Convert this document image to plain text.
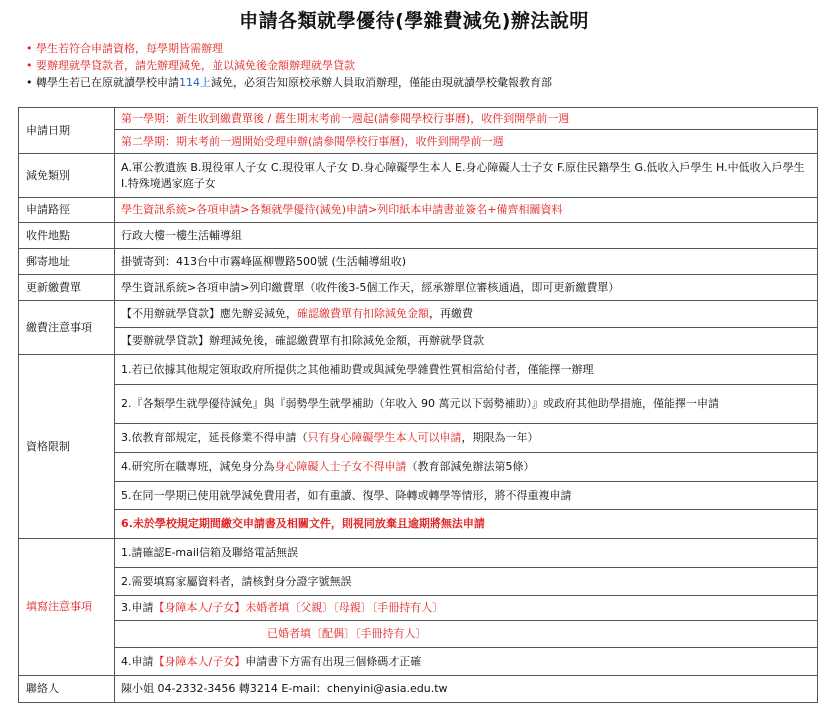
申請各類就學優待(學雜費減免)辦法說明
• 學生若符合申請資格，每學期皆需辦理
• 要辦理就學貸款者，請先辦理減免，並以減免後金額辦理就學貸款
• 轉學生若已在原就讀學校申請114上減免，必須告知原校承辦人員取消辦理，僅能由現就讀學校彙報教育部
申請日期	第一學期：新生收到繳費單後 / 舊生期末考前一週起(請參閱學校行事曆)，收件到開學前一週
	第二學期：期末考前一週開始受理申辦(請參閱學校行事曆)，收件到開學前一週
減免類別	A.軍公教遺族 B.現役軍人子女 C.現役軍人子女 D.身心障礙學生本人 E.身心障礙人士子女 F.原住民籍學生 G.低收入戶學生 H.中低收入戶學生 I.特殊境遇家庭子女
申請路徑	學生資訊系統>各項申請>各類就學優待(減免)申請>列印紙本申請書並簽名+備齊相關資料
收件地點	行政大樓一樓生活輔導組
郵寄地址	掛號寄到：413台中市霧峰區柳豐路500號 (生活輔導組收)
更新繳費單	學生資訊系統>各項申請>列印繳費單（收件後3-5個工作天，經承辦單位審核通過，即可更新繳費單）
繳費注意事項	【不用辦就學貸款】應先辦妥減免，確認繳費單有扣除減免金額，再繳費
	【要辦就學貸款】辦理減免後，確認繳費單有扣除減免金額，再辦就學貸款
資格限制	1.若已依據其他規定領取政府所提供之其他補助費或與減免學雜費性質相當給付者，僅能擇一辦理
	2.『各類學生就學優待減免』與『弱勢學生就學補助（年收入 90 萬元以下弱勢補助）』或政府其他助學措施，僅能擇一申請
	3.依教育部規定，延長修業不得申請（只有身心障礙學生本人可以申請，期限為一年）
	4.研究所在職專班，減免身分為身心障礙人士子女不得申請（教育部減免辦法第5條）
	5.在同一學期已使用就學減免費用者，如有重讀、復學、降轉或轉學等情形，將不得重複申請
	6.未於學校規定期間繳交申請書及相關文件，則視同放棄且逾期將無法申請
填寫注意事項	1.請確認E-mail信箱及聯絡電話無誤
	2.需要填寫家屬資料者，請核對身分證字號無誤
	3.申請【身障本人/子女】未婚者填〔父親〕〔母親〕〔手冊持有人〕
	已婚者填〔配偶〕〔手冊持有人〕
	4.申請【身障本人/子女】申請書下方需有出現三個條碼才正確
聯絡人	陳小姐 04-2332-3456 轉3214 E-mail：chenyini@asia.edu.tw
